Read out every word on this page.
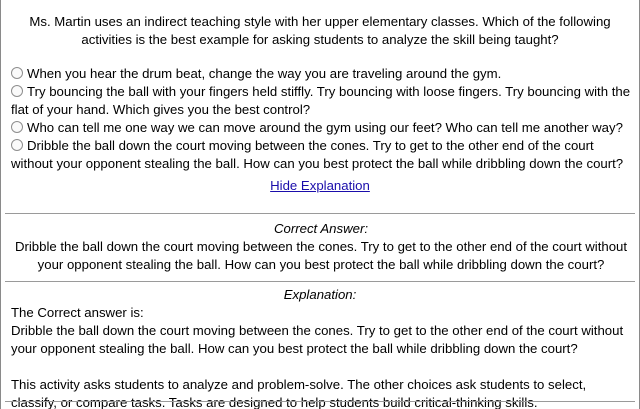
Ms. Martin uses an indirect teaching style with her upper elementary classes. Which of the following activities is the best example for asking students to analyze the skill being taught?
When you hear the drum beat, change the way you are traveling around the gym.
Try bouncing the ball with your fingers held stiffly. Try bouncing with loose fingers. Try bouncing with the flat of your hand. Which gives you the best control?
Who can tell me one way we can move around the gym using our feet? Who can tell me another way?
Dribble the ball down the court moving between the cones. Try to get to the other end of the court without your opponent stealing the ball. How can you best protect the ball while dribbling down the court?
Hide Explanation
Correct Answer:
Dribble the ball down the court moving between the cones. Try to get to the other end of the court without your opponent stealing the ball. How can you best protect the ball while dribbling down the court?
Explanation:
The Correct answer is:
Dribble the ball down the court moving between the cones. Try to get to the other end of the court without your opponent stealing the ball. How can you best protect the ball while dribbling down the court?
This activity asks students to analyze and problem-solve. The other choices ask students to select, classify, or compare tasks. Tasks are designed to help students build critical-thinking skills.
